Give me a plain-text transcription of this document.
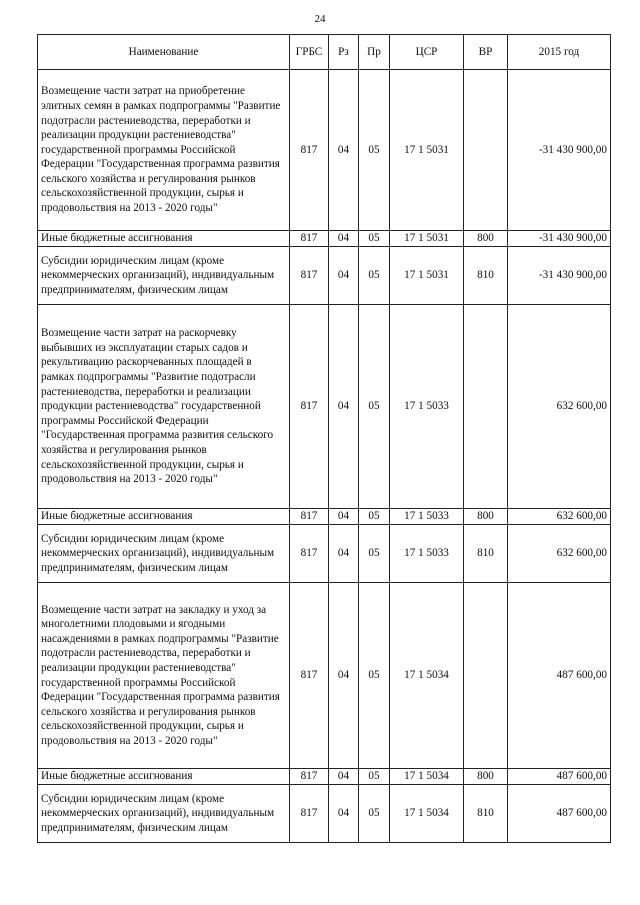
24
Наименование	ГРБС	Рз	Пр	ЦСР	ВР	2015 год
Возмещение части затрат на приобретение элитных семян в рамках подпрограммы "Развитие подотрасли растениеводства, переработки и реализации продукции растениеводства" государственной программы Российской Федерации "Государственная программа развития сельского хозяйства и регулирования рынков сельскохозяйственной продукции, сырья и продовольствия на 2013 - 2020 годы"	817	04	05	17 1 5031		-31 430 900,00
Иные бюджетные ассигнования	817	04	05	17 1 5031	800	-31 430 900,00
Субсидии юридическим лицам (кроме некоммерческих организаций), индивидуальным предпринимателям, физическим лицам	817	04	05	17 1 5031	810	-31 430 900,00
Возмещение части затрат на раскорчевку выбывших из эксплуатации старых садов и рекультивацию раскорчеванных площадей в рамках подпрограммы "Развитие подотрасли растениеводства, переработки и реализации продукции растениеводства" государственной программы Российской Федерации "Государственная программа развития сельского хозяйства и регулирования рынков сельскохозяйственной продукции, сырья и продовольствия на 2013 - 2020 годы"	817	04	05	17 1 5033		632 600,00
Иные бюджетные ассигнования	817	04	05	17 1 5033	800	632 600,00
Субсидии юридическим лицам (кроме некоммерческих организаций), индивидуальным предпринимателям, физическим лицам	817	04	05	17 1 5033	810	632 600,00
Возмещение части затрат на закладку и уход за многолетними плодовыми и ягодными насаждениями в рамках подпрограммы "Развитие подотрасли растениеводства, переработки и реализации продукции растениеводства" государственной программы Российской Федерации "Государственная программа развития сельского хозяйства и регулирования рынков сельскохозяйственной продукции, сырья и продовольствия на 2013 - 2020 годы"	817	04	05	17 1 5034		487 600,00
Иные бюджетные ассигнования	817	04	05	17 1 5034	800	487 600,00
Субсидии юридическим лицам (кроме некоммерческих организаций), индивидуальным предпринимателям, физическим лицам	817	04	05	17 1 5034	810	487 600,00
